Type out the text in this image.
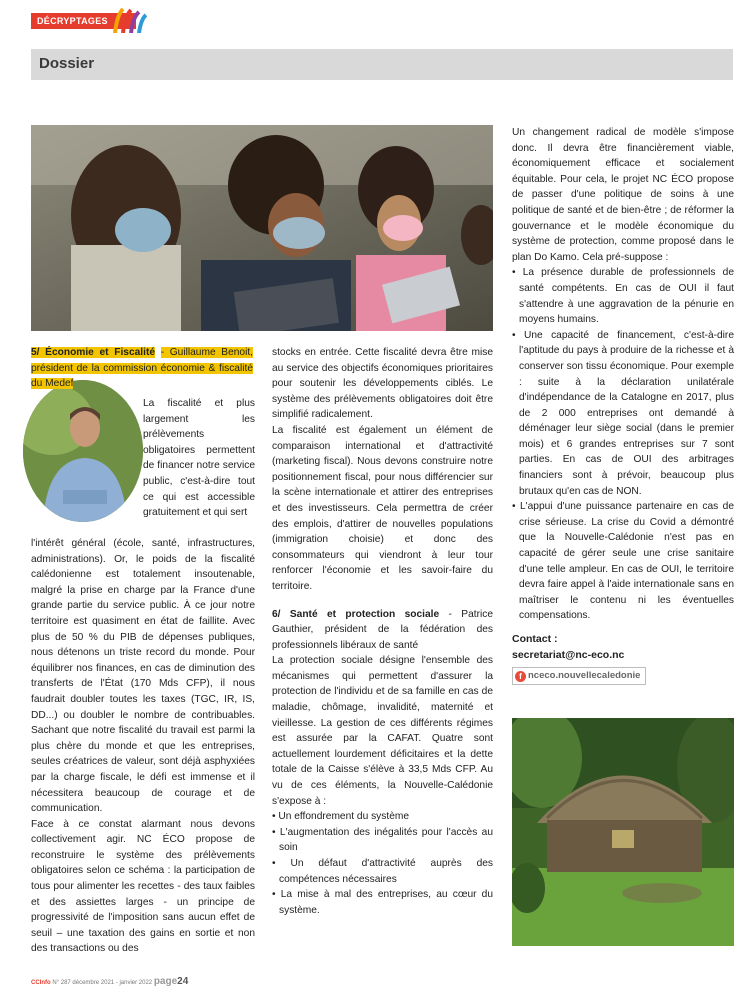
DÉCRYPTAGES
Dossier
5/ Économie et Fiscalité - Guillaume Benoit, président de la commission économie & fiscalité du Medef
La fiscalité et plus largement les prélèvements obligatoires permettent de financer notre service public, c'est-à-dire tout ce qui est accessible gratuitement et qui sert

l'intérêt général (école, santé, infrastructures, administrations). Or, le poids de la fiscalité calédonienne est totalement insoutenable, malgré la prise en charge par la France d'une grande partie du service public. À ce jour notre territoire est quasiment en état de faillite. Avec plus de 50 % du PIB de dépenses publiques, nous détenons un triste record du monde. Pour équilibrer nos finances, en cas de diminution des transferts de l'État (170 Mds CFP), il nous faudrait doubler toutes les taxes (TGC, IR, IS, DD...) ou doubler le nombre de contribuables. Sachant que notre fiscalité du travail est parmi la plus chère du monde et que les entreprises, seules créatrices de valeur, sont déjà asphyxiées par la charge fiscale, le défi est immense et il nécessitera beaucoup de courage et de communication.

Face à ce constat alarmant nous devons collectivement agir. NC ÉCO propose de reconstruire le système des prélèvements obligatoires selon ce schéma : la participation de tous pour alimenter les recettes - des taux faibles et des assiettes larges - un principe de progressivité de l'imposition sans aucun effet de seuil – une taxation des gains en sortie et non des transactions ou des

stocks en entrée. Cette fiscalité devra être mise au service des objectifs économiques prioritaires pour soutenir les développements ciblés. Le système des prélèvements obligatoires doit être simplifié radicalement.

La fiscalité est également un élément de comparaison international et d'attractivité (marketing fiscal). Nous devons construire notre positionnement fiscal, pour nous différencier sur la scène internationale et attirer des entreprises et des investisseurs. Cela permettra de créer des emplois, d'attirer de nouvelles populations (immigration choisie) et donc des consommateurs qui viendront à leur tour renforcer l'économie et les savoir-faire du territoire.

6/ Santé et protection sociale - Patrice Gauthier, président de la fédération des professionnels libéraux de santé

La protection sociale désigne l'ensemble des mécanismes qui permettent d'assurer la protection de l'individu et de sa famille en cas de maladie, chômage, invalidité, maternité et vieillesse. La gestion de ces différents régimes est assurée par la CAFAT. Quatre sont actuellement lourdement déficitaires et la dette totale de la Caisse s'élève à 33,5 Mds CFP. Au vu de ces éléments, la Nouvelle-Calédonie s'expose à :

• Un effondrement du système
• L'augmentation des inégalités pour l'accès au soin
• Un défaut d'attractivité auprès des compétences nécessaires
• La mise à mal des entreprises, au cœur du système.

Un changement radical de modèle s'impose donc. Il devra être financièrement viable, économiquement efficace et socialement équitable. Pour cela, le projet NC ÉCO propose de passer d'une politique de soins à une politique de santé et de bien-être ; de réformer la gouvernance et le modèle économique du système de protection, comme proposé dans le plan Do Kamo. Cela pré-suppose :

• La présence durable de professionnels de santé compétents. En cas de OUI il faut s'attendre à une aggravation de la pénurie en moyens humains.
• Une capacité de financement, c'est-à-dire l'aptitude du pays à produire de la richesse et à conserver son tissu économique. Pour exemple : suite à la déclaration unilatérale d'indépendance de la Catalogne en 2017, plus de 2 000 entreprises ont demandé à déménager leur siège social (dans le premier mois) et 6 grandes entreprises sur 7 sont parties. En cas de OUI des arbitrages financiers sont à prévoir, beaucoup plus brutaux qu'en cas de NON.
• L'appui d'une puissance partenaire en cas de crise sérieuse. La crise du Covid a démontré que la Nouvelle-Calédonie n'est pas en capacité de gérer seule une crise sanitaire d'une telle ampleur. En cas de OUI, le territoire devra faire appel à l'aide internationale sans en maîtriser le contenu ni les éventuelles compensations.
Contact :
secretariat@nc-eco.nc
f nceco.nouvellecaledonie
CCInfo N° 287 décembre 2021 - janvier 2022 page24
